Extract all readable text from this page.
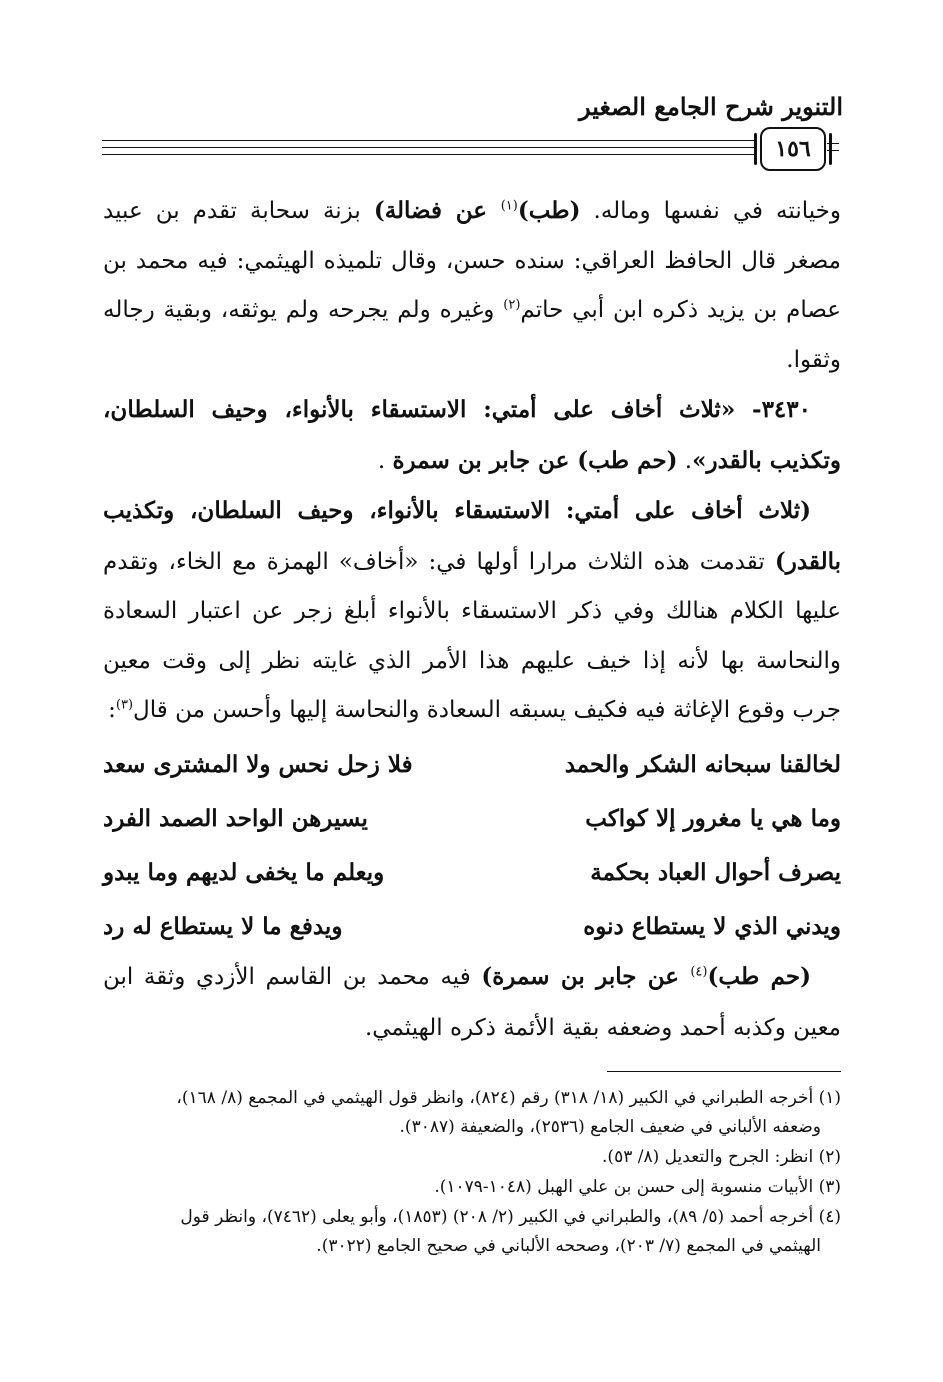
التنوير شرح الجامع الصغير
١٥٦

وخيانته في نفسها وماله. (طب)$^{(١)}$ عن فضالة) بزنة سحابة تقدم بن عبيد مصغر قال الحافظ العراقي: سنده حسن، وقال تلميذه الهيثمي: فيه محمد بن عصام بن يزيد ذكره ابن أبي حاتم$^{(٢)}$ وغيره ولم يجرحه ولم يوثقه، وبقية رجاله وثقوا.

٣٤٣٠- «ثلاث أخاف على أمتي: الاستسقاء بالأنواء، وحيف السلطان، وتكذيب بالقدر». (حم طب) عن جابر بن سمرة .

(ثلاث أخاف على أمتي: الاستسقاء بالأنواء، وحيف السلطان، وتكذيب بالقدر) تقدمت هذه الثلاث مرارا أولها في: «أخاف» الهمزة مع الخاء، وتقدم عليها الكلام هنالك وفي ذكر الاستسقاء بالأنواء أبلغ زجر عن اعتبار السعادة والنحاسة بها لأنه إذا خيف عليهم هذا الأمر الذي غايته نظر إلى وقت معين جرب وقوع الإغاثة فيه فكيف يسبقه السعادة والنحاسة إليها وأحسن من قال$^{(٣)}$:

لخالقنا سبحانه الشكر والحمد
فلا زحل نحس ولا المشترى سعد
وما هي يا مغرور إلا كواكب
يسيرهن الواحد الصمد الفرد
يصرف أحوال العباد بحكمة
ويعلم ما يخفى لديهم وما يبدو
ويدني الذي لا يستطاع دنوه
ويدفع ما لا يستطاع له رد

(حم طب)$^{(٤)}$ عن جابر بن سمرة) فيه محمد بن القاسم الأزدي وثقة ابن معين وكذبه أحمد وضعفه بقية الأئمة ذكره الهيثمي.

(١) أخرجه الطبراني في الكبير (١٨/ ٣١٨) رقم (٨٢٤)، وانظر قول الهيثمي في المجمع (٨/ ١٦٨)،
وضعفه الألباني في ضعيف الجامع (٢٥٣٦)، والضعيفة (٣٠٨٧).
(٢) انظر: الجرح والتعديل (٨/ ٥٣).
(٣) الأبيات منسوبة إلى حسن بن علي الهبل (١٠٤٨-١٠٧٩).
(٤) أخرجه أحمد (٥/ ٨٩)، والطبراني في الكبير (٢/ ٢٠٨) (١٨٥٣)، وأبو يعلى (٧٤٦٢)، وانظر قول
الهيثمي في المجمع (٧/ ٢٠٣)، وصححه الألباني في صحيح الجامع (٣٠٢٢).
